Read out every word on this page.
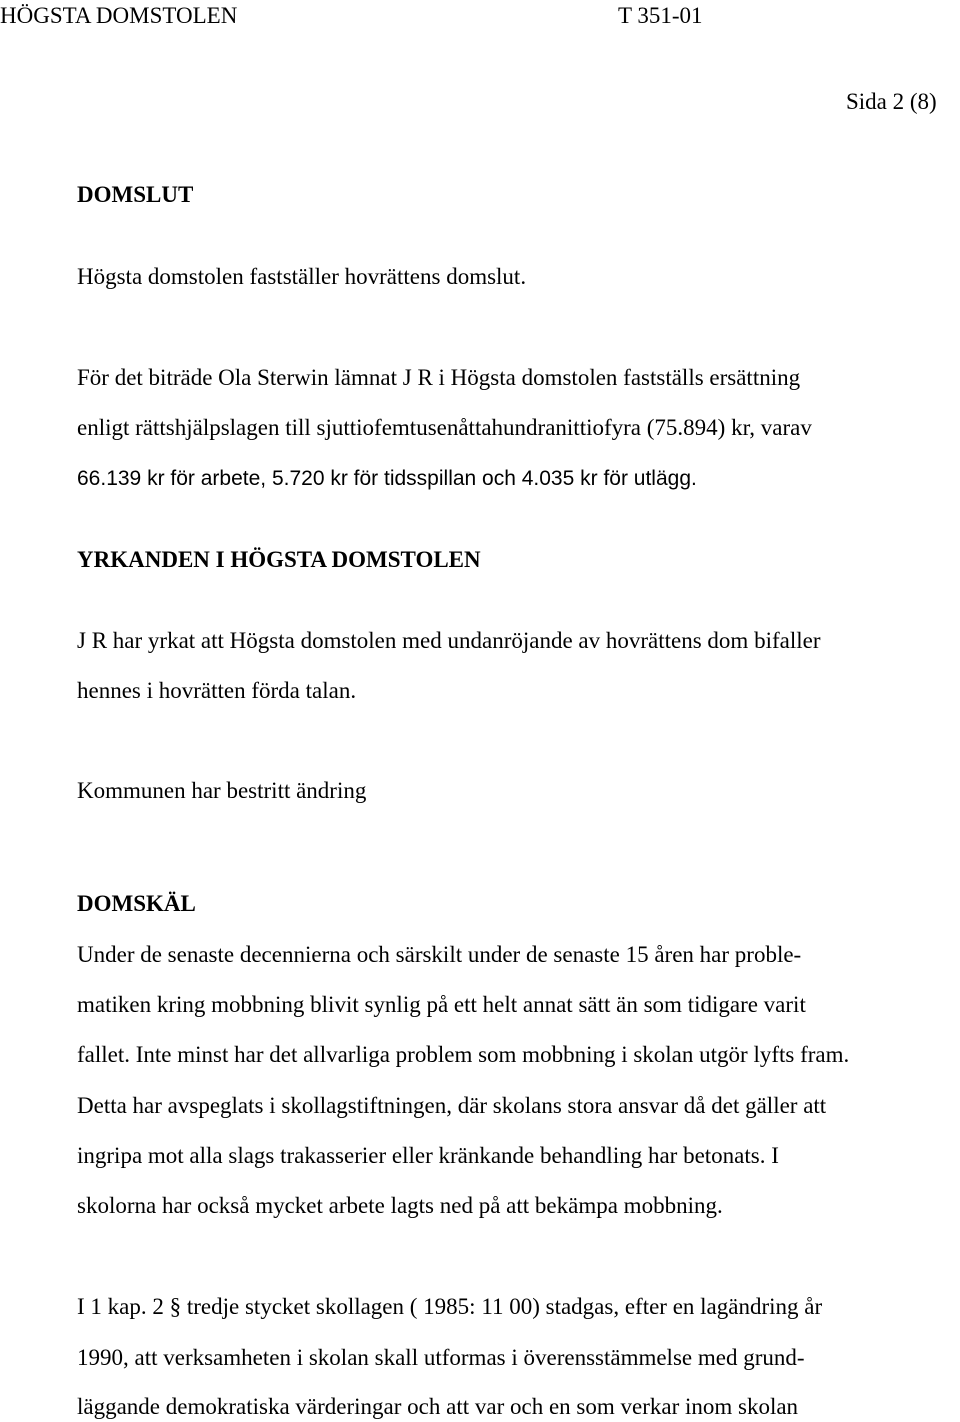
HÖGSTA DOMSTOLEN	T 351-01
Sida 2 (8)
DOMSLUT
Högsta domstolen fastställer hovrättens domslut.
För det biträde Ola Sterwin lämnat J R i Högsta domstolen fastställs ersättning
enligt rättshjälpslagen till sjuttiofemtusenåttahundranittiofyra (75.894) kr, varav
66.139 kr för arbete, 5.720 kr för tidsspillan och 4.035 kr för utlägg.
YRKANDEN I HÖGSTA DOMSTOLEN
J R har yrkat att Högsta domstolen med undanröjande av hovrättens dom bifaller
hennes i hovrätten förda talan.
Kommunen har bestritt ändring
DOMSKÄL
Under de senaste decennierna och särskilt under de senaste 15 åren har proble-
matiken kring mobbning blivit synlig på ett helt annat sätt än som tidigare varit
fallet. Inte minst har det allvarliga problem som mobbning i skolan utgör lyfts fram.
Detta har avspeglats i skollagstiftningen, där skolans stora ansvar då det gäller att
ingripa mot alla slags trakasserier eller kränkande behandling har betonats. I
skolorna har också mycket arbete lagts ned på att bekämpa mobbning.
I 1 kap. 2 § tredje stycket skollagen ( 1985: 11 00) stadgas, efter en lagändring år
1990, att verksamheten i skolan skall utformas i överensstämmelse med grund-
läggande demokratiska värderingar och att var och en som verkar inom skolan
